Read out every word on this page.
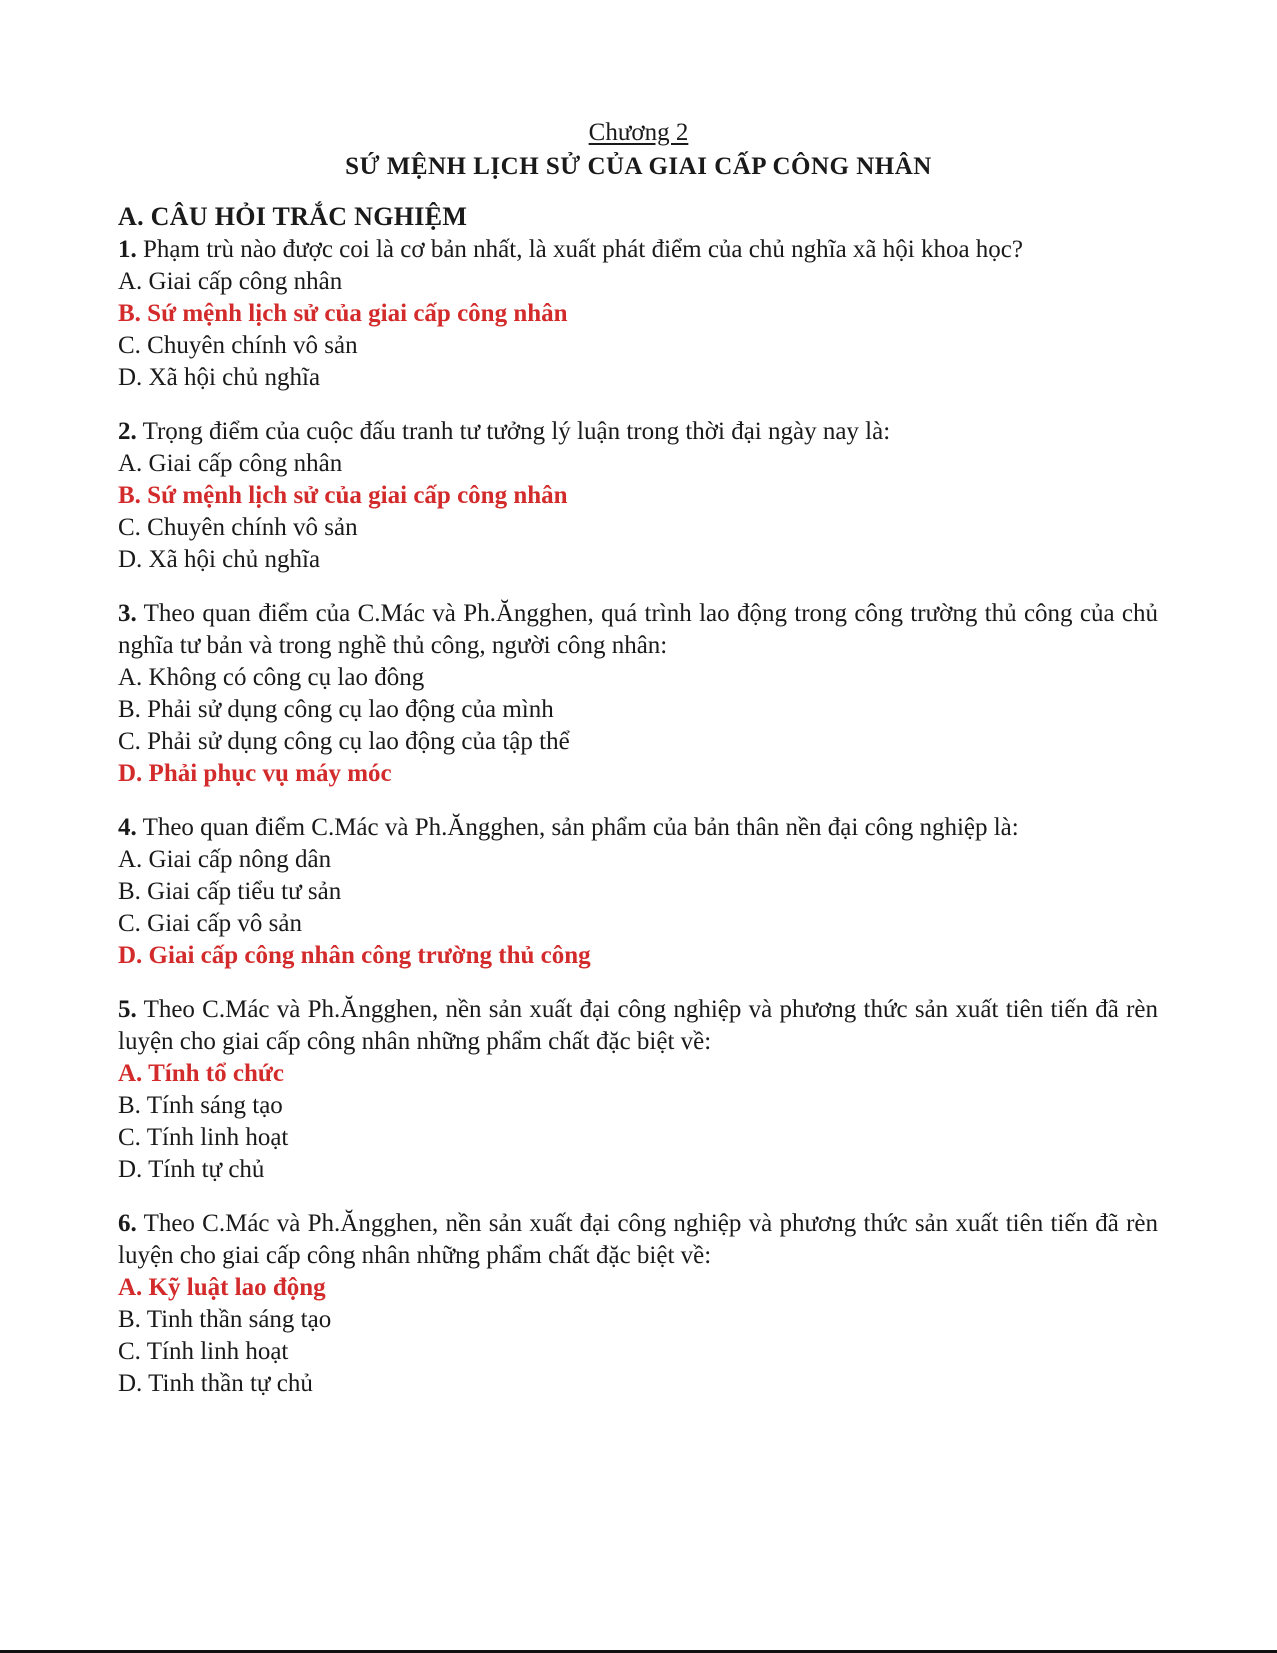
Chương 2
SỨ MỆNH LỊCH SỬ CỦA GIAI CẤP CÔNG NHÂN

A. CÂU HỎI TRẮC NGHIỆM

1. Phạm trù nào được coi là cơ bản nhất, là xuất phát điểm của chủ nghĩa xã hội khoa học?

A. Giai cấp công nhân

B. Sứ mệnh lịch sử của giai cấp công nhân

C. Chuyên chính vô sản

D. Xã hội chủ nghĩa

2. Trọng điểm của cuộc đấu tranh tư tưởng lý luận trong thời đại ngày nay là:

A. Giai cấp công nhân

B. Sứ mệnh lịch sử của giai cấp công nhân

C. Chuyên chính vô sản

D. Xã hội chủ nghĩa

3. Theo quan điểm của C.Mác và Ph.Ăngghen, quá trình lao động trong công trường thủ công của chủ nghĩa tư bản và trong nghề thủ công, người công nhân:

A. Không có công cụ lao đông

B. Phải sử dụng công cụ lao động của mình

C. Phải sử dụng công cụ lao động của tập thể

D. Phải phục vụ máy móc

4. Theo quan điểm C.Mác và Ph.Ăngghen, sản phẩm của bản thân nền đại công nghiệp là:

A. Giai cấp nông dân

B. Giai cấp tiểu tư sản

C. Giai cấp vô sản

D. Giai cấp công nhân công trường thủ công

5. Theo C.Mác và Ph.Ăngghen, nền sản xuất đại công nghiệp và phương thức sản xuất tiên tiến đã rèn luyện cho giai cấp công nhân những phẩm chất đặc biệt về:

A. Tính tổ chức

B. Tính sáng tạo

C. Tính linh hoạt

D. Tính tự chủ

6. Theo C.Mác và Ph.Ăngghen, nền sản xuất đại công nghiệp và phương thức sản xuất tiên tiến đã rèn luyện cho giai cấp công nhân những phẩm chất đặc biệt về:

A. Kỹ luật lao động

B. Tinh thần sáng tạo

C. Tính linh hoạt

D. Tinh thần tự chủ
